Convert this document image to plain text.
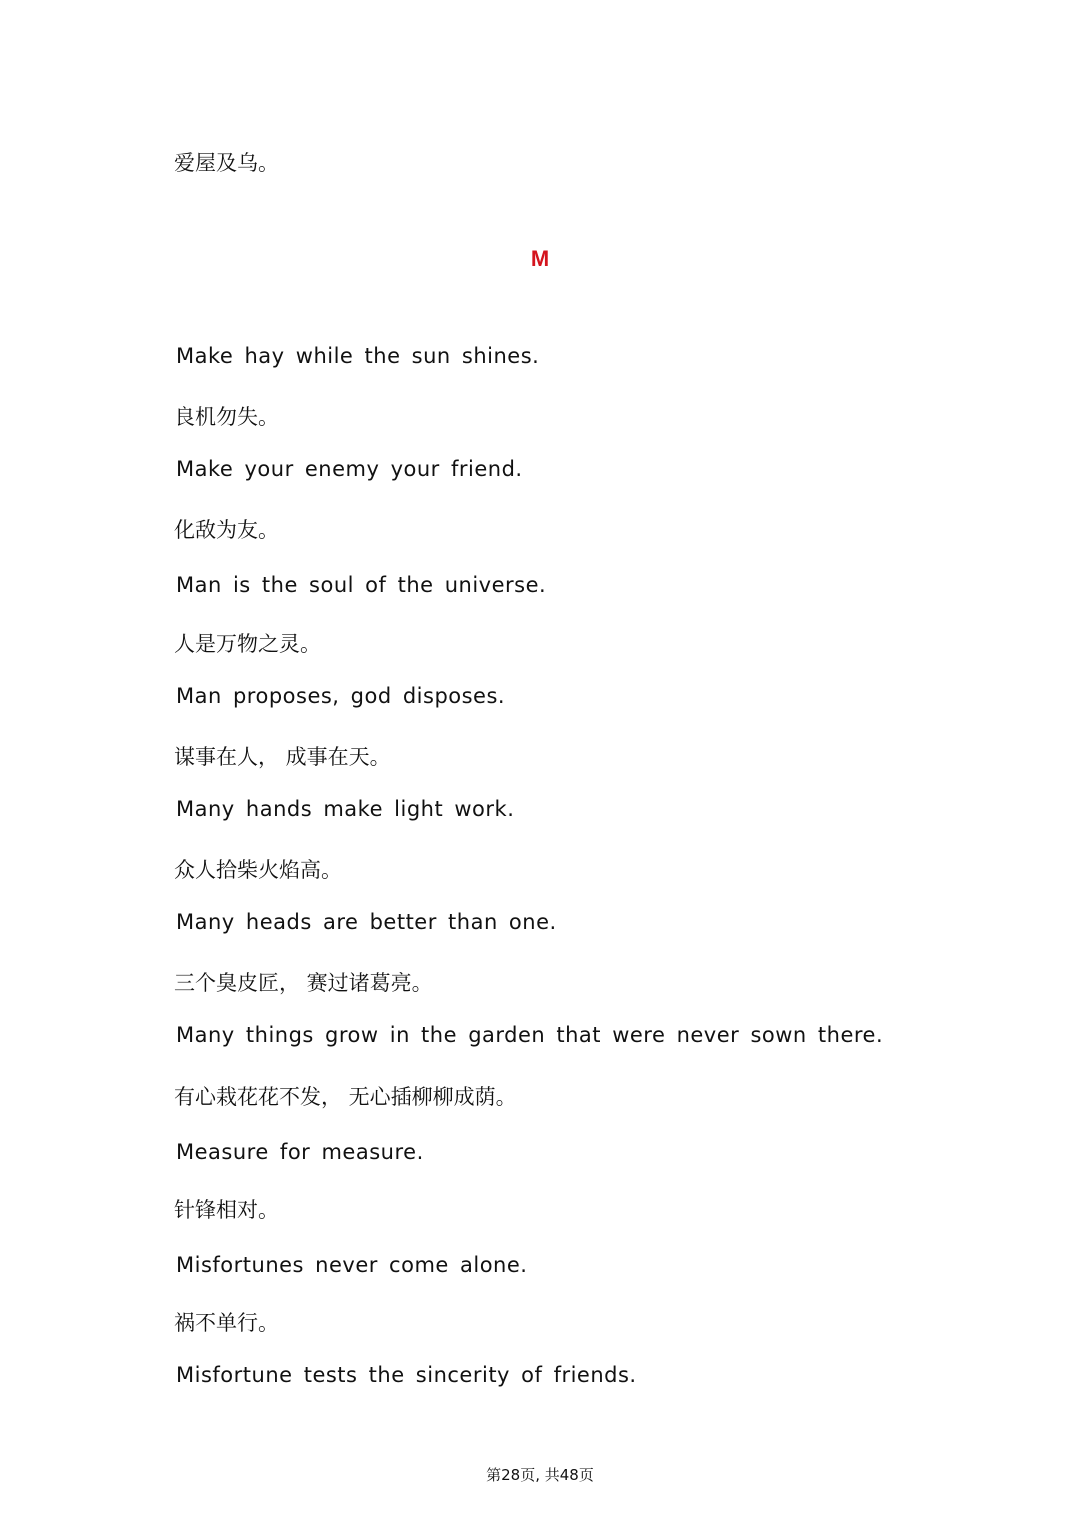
爱屋及乌。
M
Make hay while the sun shines.
良机勿失。
Make your enemy your friend.
化敌为友。
Man is the soul of the universe.
人是万物之灵。
Man proposes, god disposes.
谋事在人， 成事在天。
Many hands make light work.
众人拾柴火焰高。
Many heads are better than one.
三个臭皮匠， 赛过诸葛亮。
Many things grow in the garden that were never sown there.
有心栽花花不发， 无心插柳柳成荫。
Measure for measure.
针锋相对。
Misfortunes never come alone.
祸不单行。
Misfortune tests the sincerity of friends.
第28页, 共48页
